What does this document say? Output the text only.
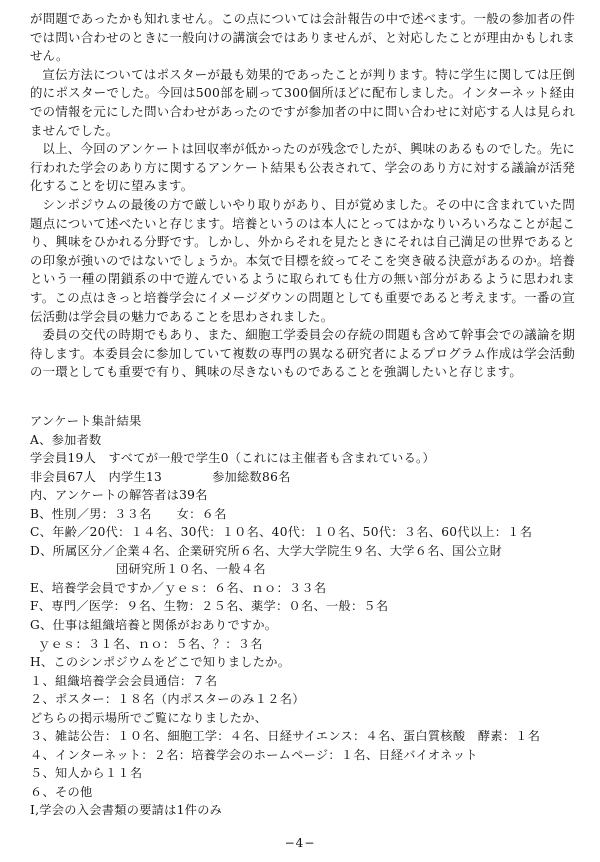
が問題であったかも知れません。この点については会計報告の中で述べます。一般の参加者の件では問い合わせのときに一般向けの講演会ではありませんが、と対応したことが理由かもしれません。

宣伝方法についてはポスターが最も効果的であったことが判ります。特に学生に関しては圧倒的にポスターでした。今回は500部を刷って300個所ほどに配布しました。インターネット経由での情報を元にした問い合わせがあったのですが参加者の中に問い合わせに対応する人は見られませんでした。

以上、今回のアンケートは回収率が低かったのが残念でしたが、興味のあるものでした。先に行われた学会のあり方に関するアンケート結果も公表されて、学会のあり方に対する議論が活発化することを切に望みます。

シンポジウムの最後の方で厳しいやり取りがあり、目が覚めました。その中に含まれていた問題点について述べたいと存じます。培養というのは本人にとってはかなりいろいろなことが起こり、興味をひかれる分野です。しかし、外からそれを見たときにそれは自己満足の世界であるとの印象が強いのではないでしょうか。本気で目標を絞ってそこを突き破る決意があるのか。培養という一種の閉鎖系の中で遊んでいるように取られても仕方の無い部分があるように思われます。この点はきっと培養学会にイメージダウンの問題としても重要であると考えます。一番の宣伝活動は学会員の魅力であることを思わされました。

委員の交代の時期でもあり、また、細胞工学委員会の存続の問題も含めて幹事会での議論を期待します。本委員会に参加していて複数の専門の異なる研究者によるプログラム作成は学会活動の一環としても重要で有り、興味の尽きないものであることを強調したいと存じます。

アンケート集計結果

A、参加者数

学会員19人　すべてが一般で学生0（これには主催者も含まれている。）

非会員67人　内学生13　　　　参加総数86名

内、アンケートの解答者は39名

B、性別／男：３３名　　女：６名

C、年齢／20代：１４名、30代：１０名、40代：１０名、50代：３名、60代以上：１名

D、所属区分／企業４名、企業研究所６名、大学大学院生９名、大学６名、国公立財

団研究所１０名、一般４名

E、培養学会員ですか／ｙｅｓ：６名、ｎｏ：３３名

F、専門／医学：９名、生物：２５名、薬学：０名、一般：５名

G、仕事は組織培養と関係がおありですか。

ｙｅｓ：３１名、ｎｏ：５名、？：３名

H、このシンポジウムをどこで知りましたか。

１、組織培養学会会員通信：７名

２、ポスター：１８名（内ポスターのみ１２名）

どちらの掲示場所でご覧になりましたか、

３、雑誌公告：１０名、細胞工学：４名、日経サイエンス：４名、蛋白質核酸　酵素：１名

４、インターネット：２名：培養学会のホームページ：１名、日経バイオネット

５、知人から１１名

６、その他

I,学会の入会書類の要請は1件のみ

−4−
